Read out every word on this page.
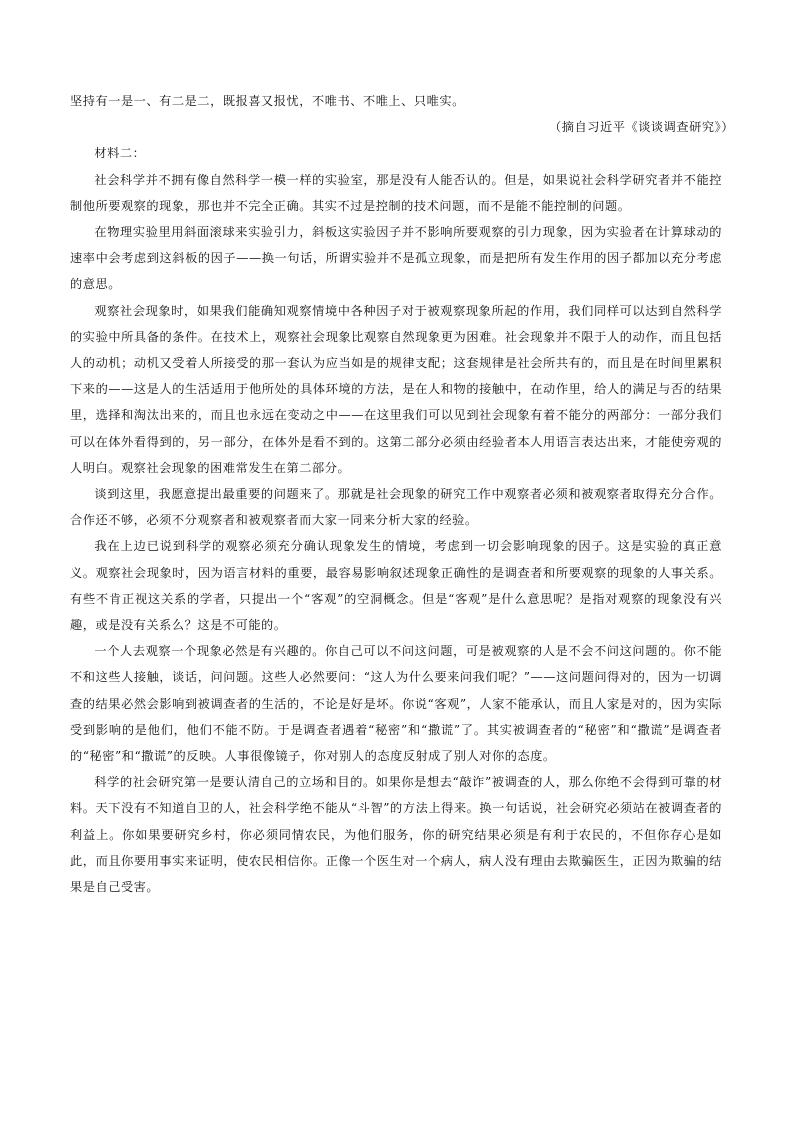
坚持有一是一、有二是二，既报喜又报忧，不唯书、不唯上、只唯实。

（摘自习近平《谈谈调查研究》）

材料二：

社会科学并不拥有像自然科学一模一样的实验室，那是没有人能否认的。但是，如果说社会科学研究者并不能控制他所要观察的现象，那也并不完全正确。其实不过是控制的技术问题，而不是能不能控制的问题。

在物理实验里用斜面滚球来实验引力，斜板这实验因子并不影响所要观察的引力现象，因为实验者在计算球动的速率中会考虑到这斜板的因子——换一句话，所谓实验并不是孤立现象，而是把所有发生作用的因子都加以充分考虑的意思。

观察社会现象时，如果我们能确知观察情境中各种因子对于被观察现象所起的作用，我们同样可以达到自然科学的实验中所具备的条件。在技术上，观察社会现象比观察自然现象更为困难。社会现象并不限于人的动作，而且包括人的动机；动机又受着人所接受的那一套认为应当如是的规律支配；这套规律是社会所共有的，而且是在时间里累积下来的——这是人的生活适用于他所处的具体环境的方法，是在人和物的接触中，在动作里，给人的满足与否的结果里，选择和淘汰出来的，而且也永远在变动之中——在这里我们可以见到社会现象有着不能分的两部分：一部分我们可以在体外看得到的，另一部分，在体外是看不到的。这第二部分必须由经验者本人用语言表达出来，才能使旁观的人明白。观察社会现象的困难常发生在第二部分。

谈到这里，我愿意提出最重要的问题来了。那就是社会现象的研究工作中观察者必须和被观察者取得充分合作。合作还不够，必须不分观察者和被观察者而大家一同来分析大家的经验。

我在上边已说到科学的观察必须充分确认现象发生的情境，考虑到一切会影响现象的因子。这是实验的真正意义。观察社会现象时，因为语言材料的重要，最容易影响叙述现象正确性的是调查者和所要观察的现象的人事关系。有些不肯正视这关系的学者，只提出一个“客观”的空洞概念。但是“客观”是什么意思呢？是指对观察的现象没有兴趣，或是没有关系么？这是不可能的。

一个人去观察一个现象必然是有兴趣的。你自己可以不问这问题，可是被观察的人是不会不问这问题的。你不能不和这些人接触，谈话，问问题。这些人必然要问：“这人为什么要来问我们呢？”——这问题问得对的，因为一切调查的结果必然会影响到被调查者的生活的，不论是好是坏。你说“客观”，人家不能承认，而且人家是对的，因为实际受到影响的是他们，他们不能不防。于是调查者遇着“秘密”和“撒谎”了。其实被调查者的“秘密”和“撒谎”是调查者的“秘密”和“撒谎”的反映。人事很像镜子，你对别人的态度反射成了别人对你的态度。

科学的社会研究第一是要认清自己的立场和目的。如果你是想去“敲诈”被调查的人，那么你绝不会得到可靠的材料。天下没有不知道自卫的人，社会科学绝不能从“斗智”的方法上得来。换一句话说，社会研究必须站在被调查者的利益上。你如果要研究乡村，你必须同情农民，为他们服务，你的研究结果必须是有利于农民的，不但你存心是如此，而且你要用事实来证明，使农民相信你。正像一个医生对一个病人，病人没有理由去欺骗医生，正因为欺骗的结果是自己受害。
